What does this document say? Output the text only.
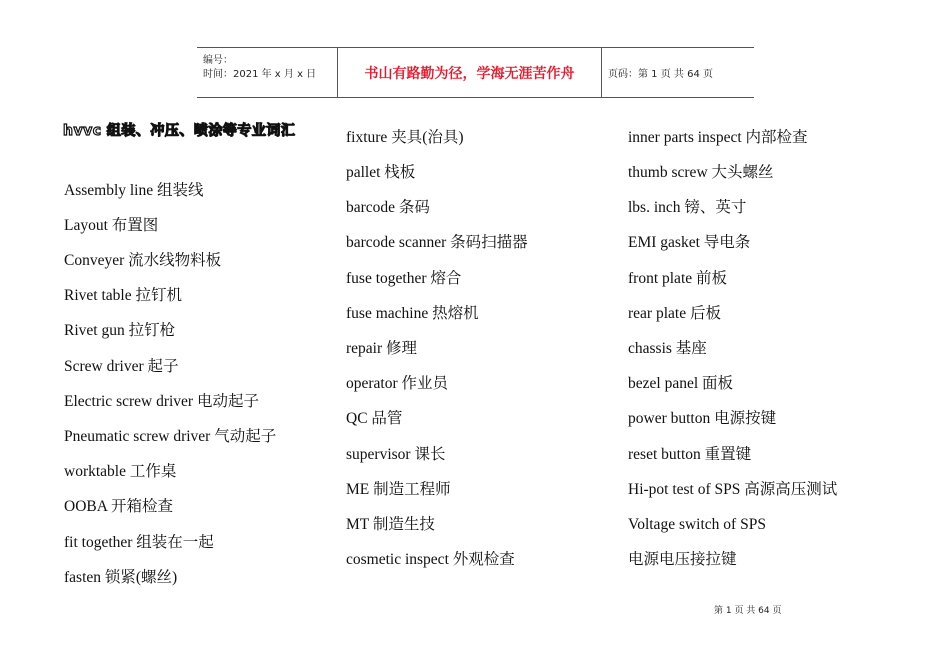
编号：
时间：2021 年 x 月 x 日	书山有路勤为径，学海无涯苦作舟	页码：第 1 页 共 64 页
hvvc 组装、冲压、喷涂等专业词汇
Assembly line 组装线
Layout 布置图
Conveyer 流水线物料板
Rivet table 拉钉机
Rivet gun 拉钉枪
Screw driver 起子
Electric screw driver 电动起子
Pneumatic screw driver 气动起子
worktable 工作桌
OOBA 开箱检查
fit together 组装在一起
fasten 锁紧(螺丝)
fixture 夹具(治具)
pallet 栈板
barcode 条码
barcode scanner 条码扫描器
fuse together 熔合
fuse machine 热熔机
repair 修理
operator 作业员
QC 品管
supervisor 课长
ME 制造工程师
MT 制造生技
cosmetic inspect 外观检查
inner parts inspect 内部检查
thumb screw 大头螺丝
lbs. inch 镑、英寸
EMI gasket 导电条
front plate 前板
rear plate 后板
chassis 基座
bezel panel 面板
power button 电源按键
reset button 重置键
Hi-pot test of SPS 高源高压测试
Voltage switch of SPS
电源电压接拉键
第 1 页 共 64 页
